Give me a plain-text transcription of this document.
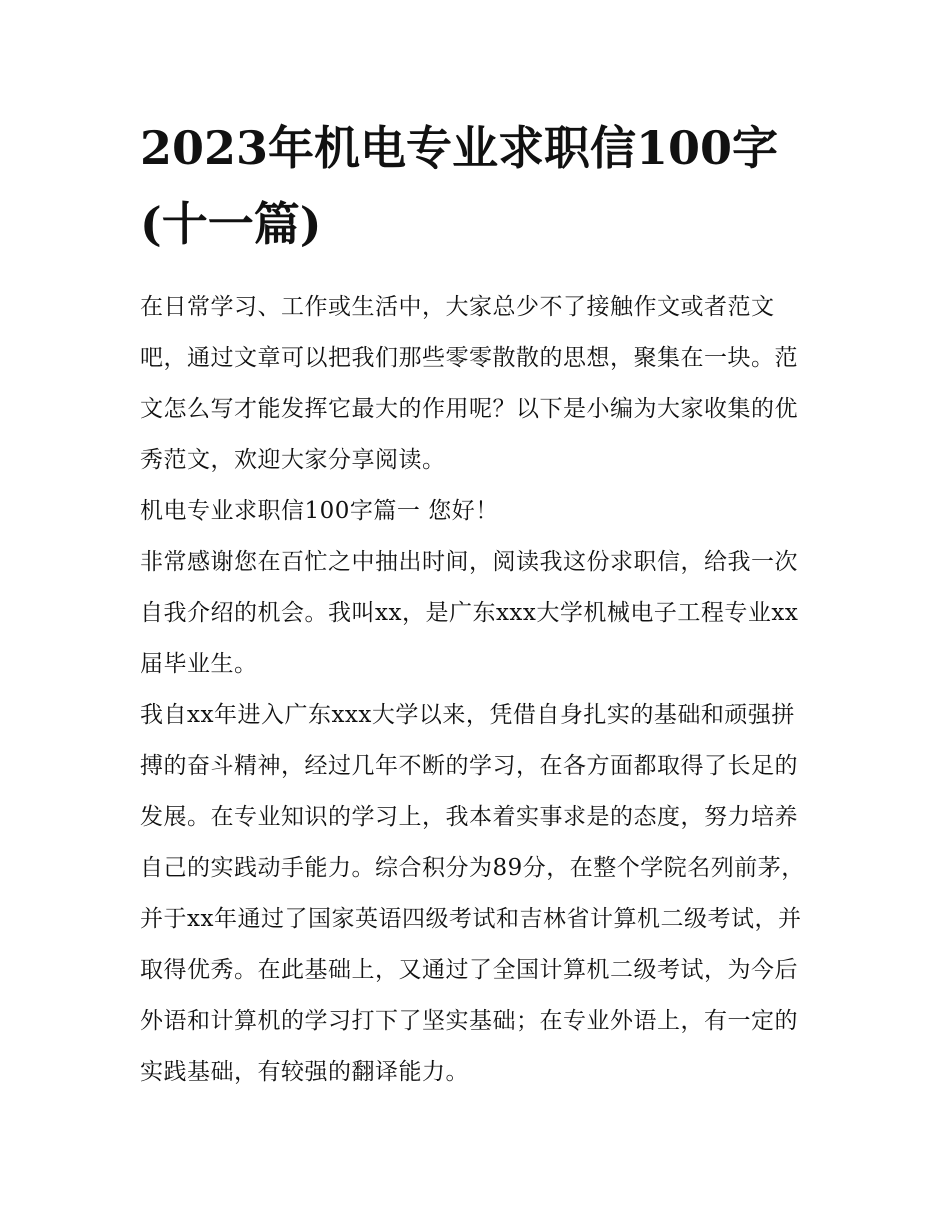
2023年机电专业求职信100字(十一篇)

在日常学习、工作或生活中，大家总少不了接触作文或者范文吧，通过文章可以把我们那些零零散散的思想，聚集在一块。范文怎么写才能发挥它最大的作用呢？以下是小编为大家收集的优秀范文，欢迎大家分享阅读。

机电专业求职信100字篇一 您好！

非常感谢您在百忙之中抽出时间，阅读我这份求职信，给我一次自我介绍的机会。我叫xx，是广东xxx大学机械电子工程专业xx届毕业生。

我自xx年进入广东xxx大学以来，凭借自身扎实的基础和顽强拼搏的奋斗精神，经过几年不断的学习，在各方面都取得了长足的发展。在专业知识的学习上，我本着实事求是的态度，努力培养自己的实践动手能力。综合积分为89分，在整个学院名列前茅，并于xx年通过了国家英语四级考试和吉林省计算机二级考试，并取得优秀。在此基础上，又通过了全国计算机二级考试，为今后外语和计算机的学习打下了坚实基础；在专业外语上，有一定的实践基础，有较强的翻译能力。
